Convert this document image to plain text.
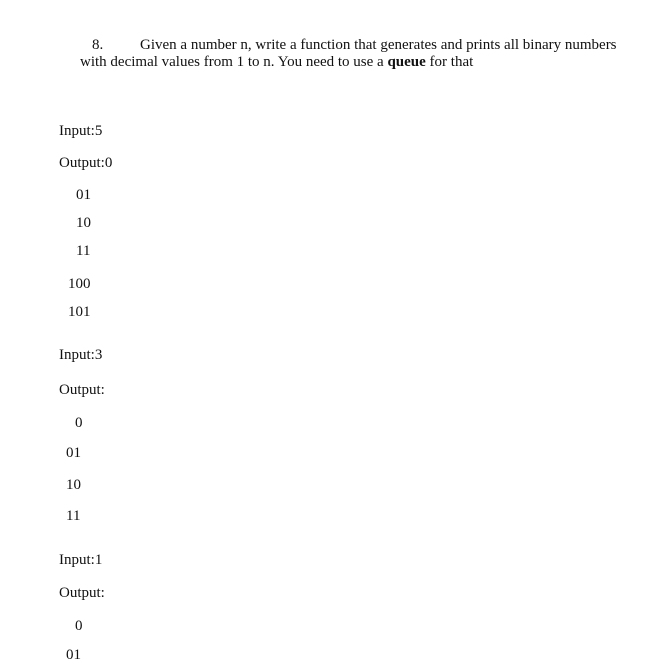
8. Given a number n, write a function that generates and prints all binary numbers
with decimal values from 1 to n. You need to use a queue for that
Input:5
Output:0
01
10
11
100
101
Input:3
Output:
0
01
10
11
Input:1
Output:
0
01
